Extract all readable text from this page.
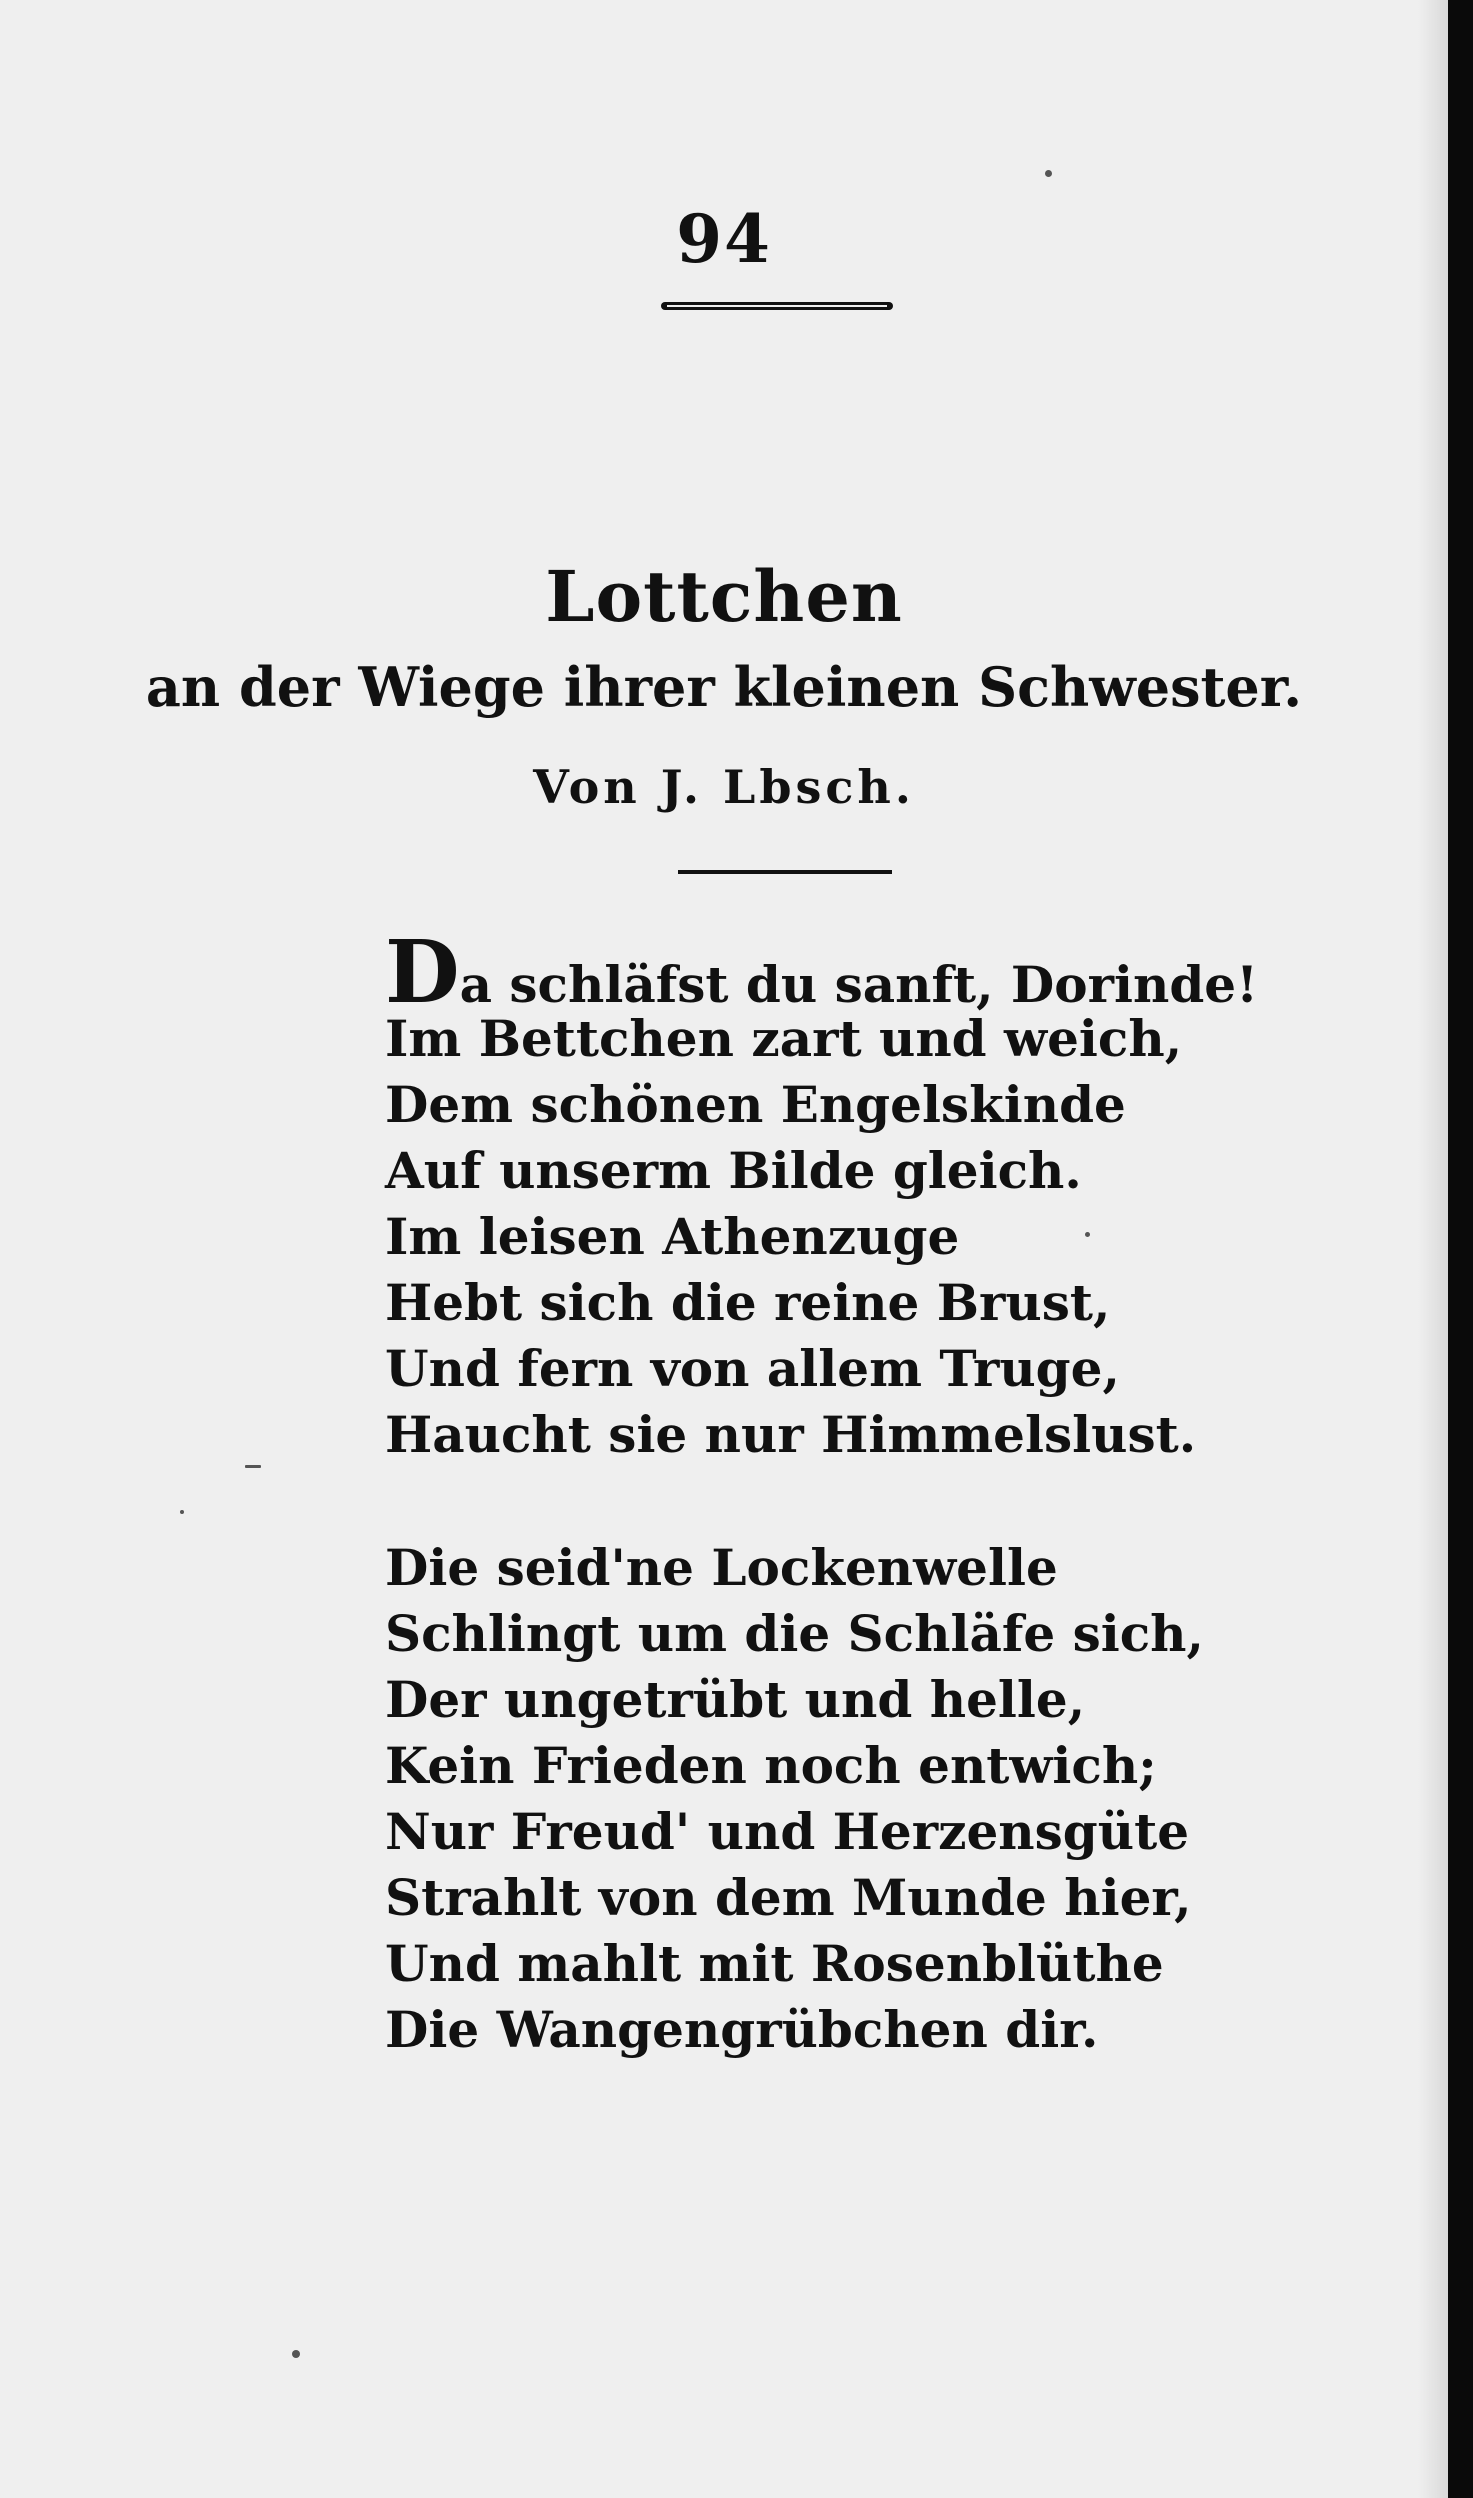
94
Lottchen
an der Wiege ihrer kleinen Schwester.
Von J. Lbsch.
Da schläfst du sanft, Dorinde!
Im Bettchen zart und weich,
Dem schönen Engelskinde
Auf unserm Bilde gleich.
Im leisen Athenzuge
Hebt sich die reine Brust,
Und fern von allem Truge,
Haucht sie nur Himmelslust.
Die seid'ne Lockenwelle
Schlingt um die Schläfe sich,
Der ungetrübt und helle,
Kein Frieden noch entwich;
Nur Freud' und Herzensgüte
Strahlt von dem Munde hier,
Und mahlt mit Rosenblüthe
Die Wangengrübchen dir.
